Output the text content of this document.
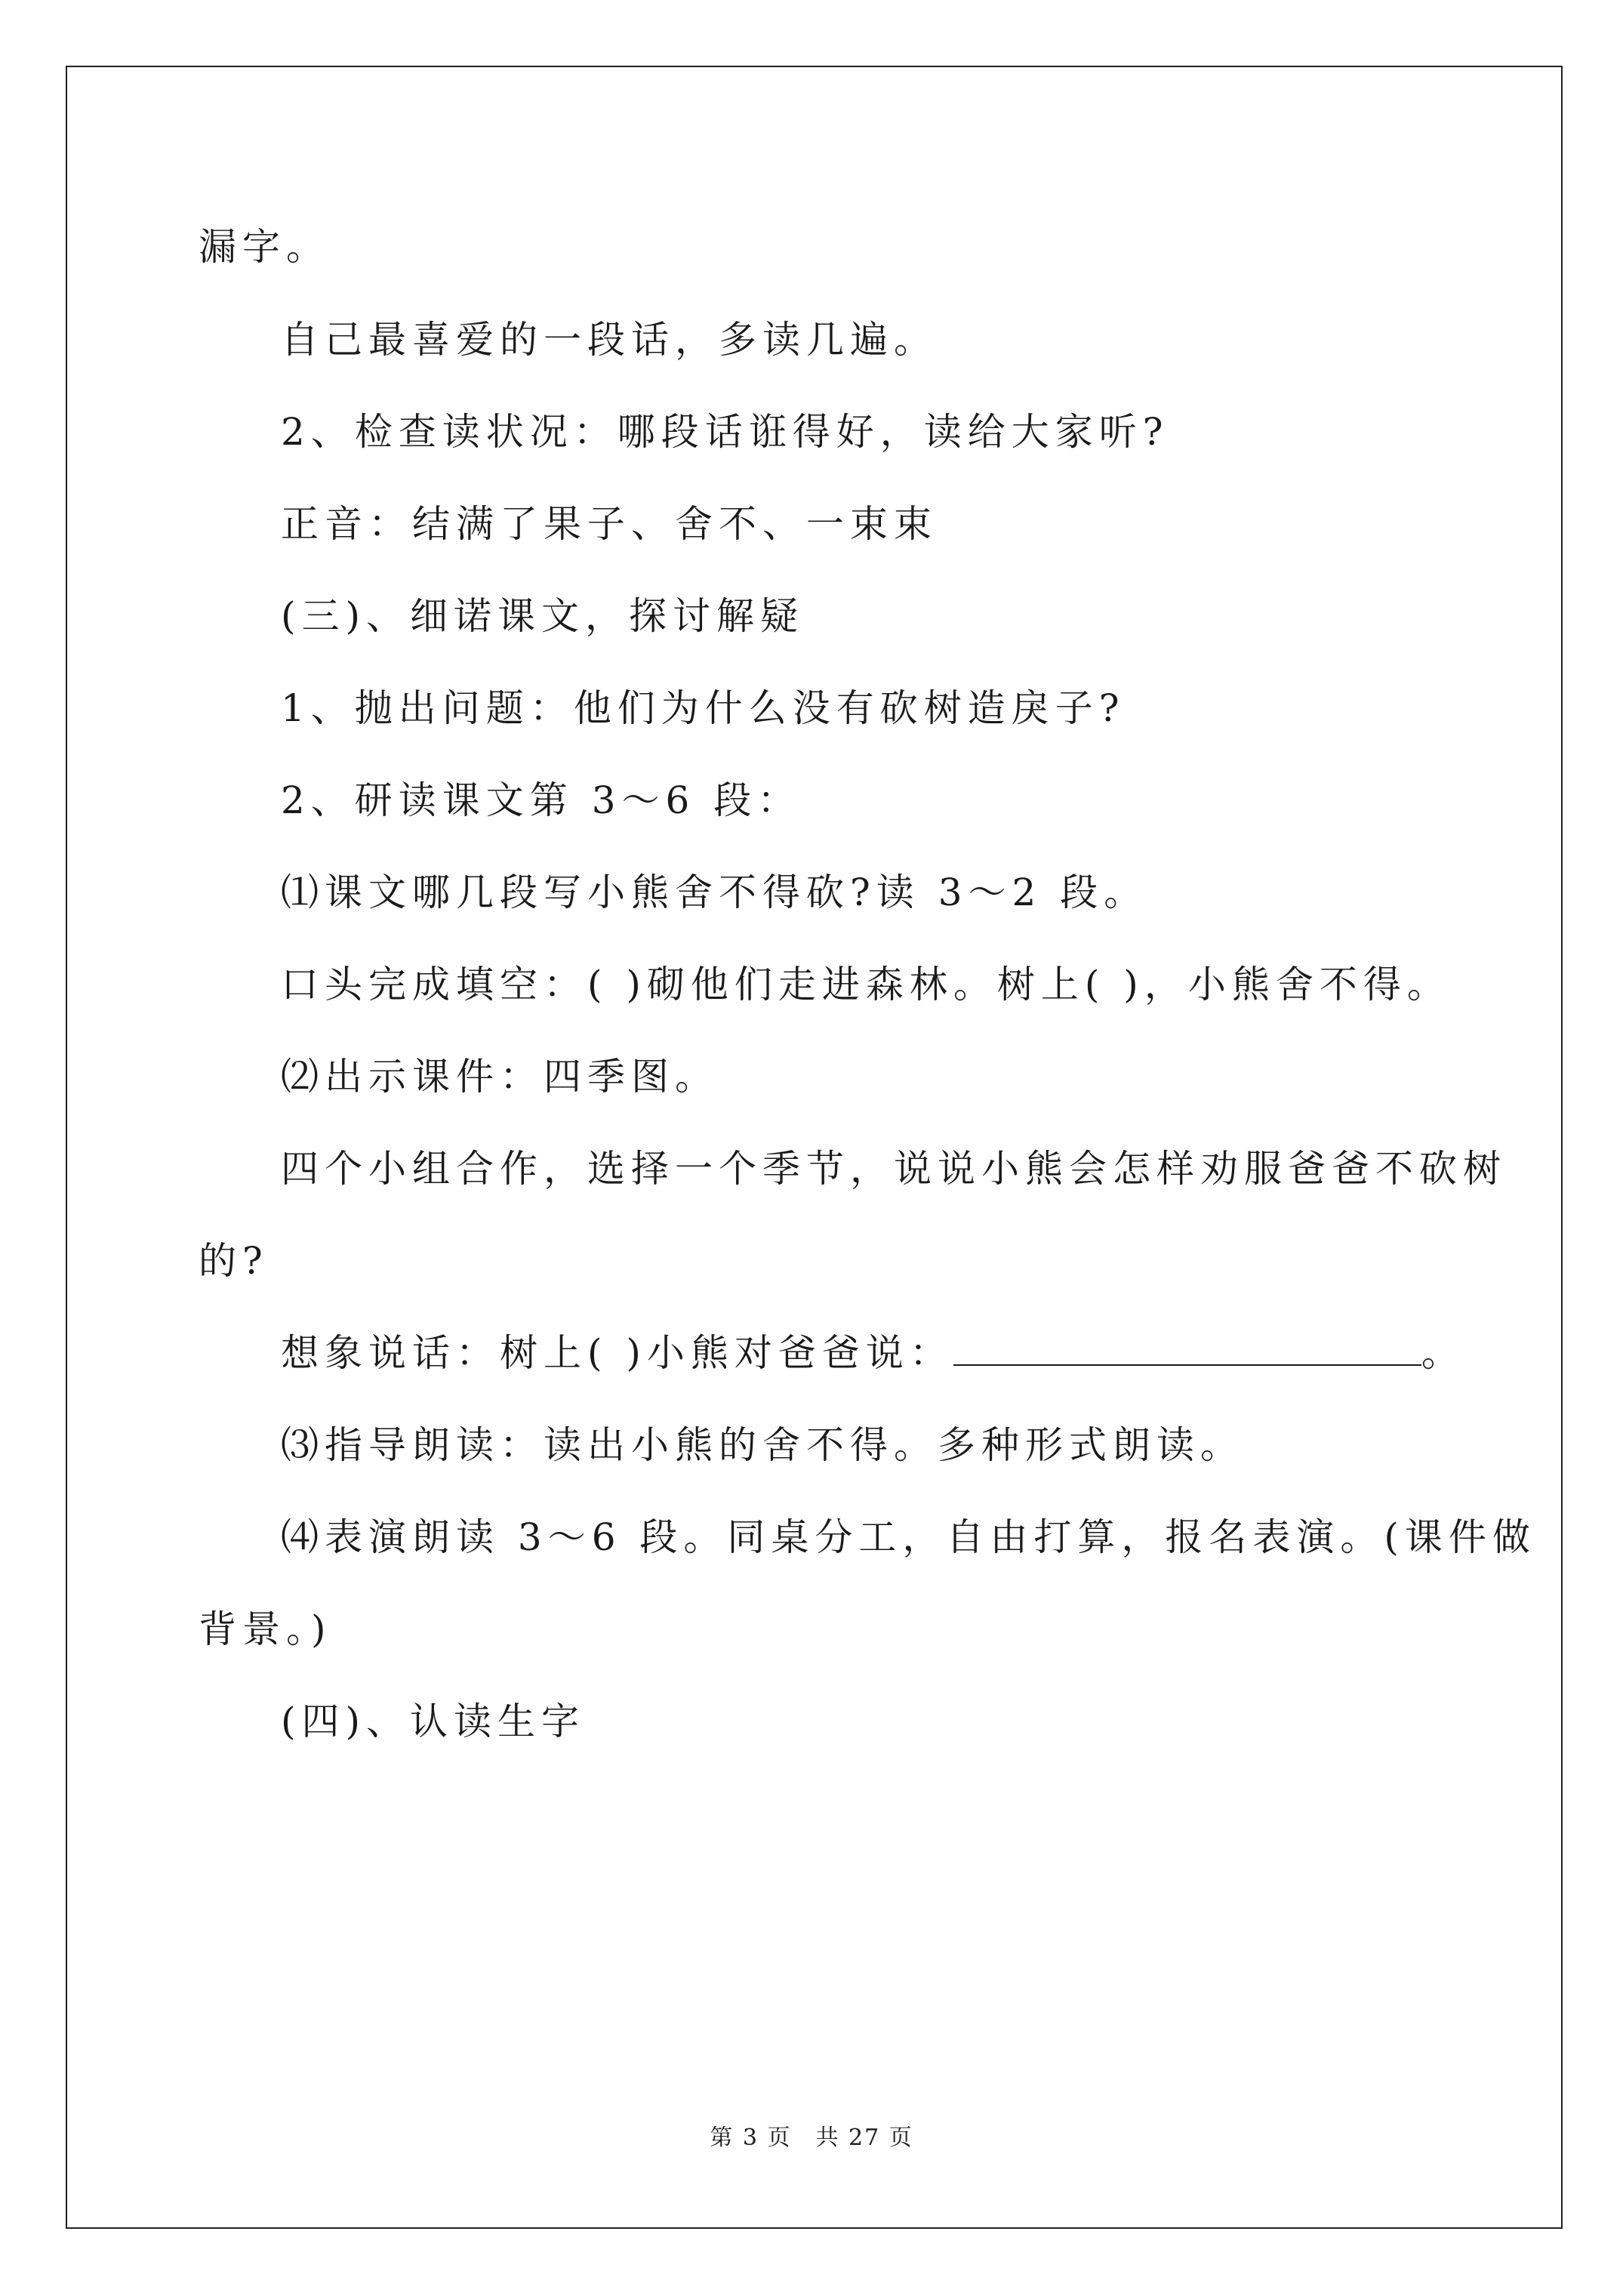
漏字。
自己最喜爱的一段话，多读几遍。
2、检查读状况：哪段话诳得好，读给大家听?
正音：结满了果子、舍不、一束束
(三)、细诺课文，探讨解疑
1、抛出问题：他们为什么没有砍树造戾子?
2、研读课文第 3～6 段：
⑴课文哪几段写小熊舍不得砍?读 3～2 段。
口头完成填空：( )砌他们走进森林。树上( )，小熊舍不得。
⑵出示课件：四季图。
四个小组合作，选择一个季节，说说小熊会怎样劝服爸爸不砍树
的?
想象说话：树上( )小熊对爸爸说：	。
⑶指导朗读：读出小熊的舍不得。多种形式朗读。
⑷表演朗读 3～6 段。同桌分工，自由打算，报名表演。(课件做
背景。)
(四)、认读生字
第 3 页　共 27 页
